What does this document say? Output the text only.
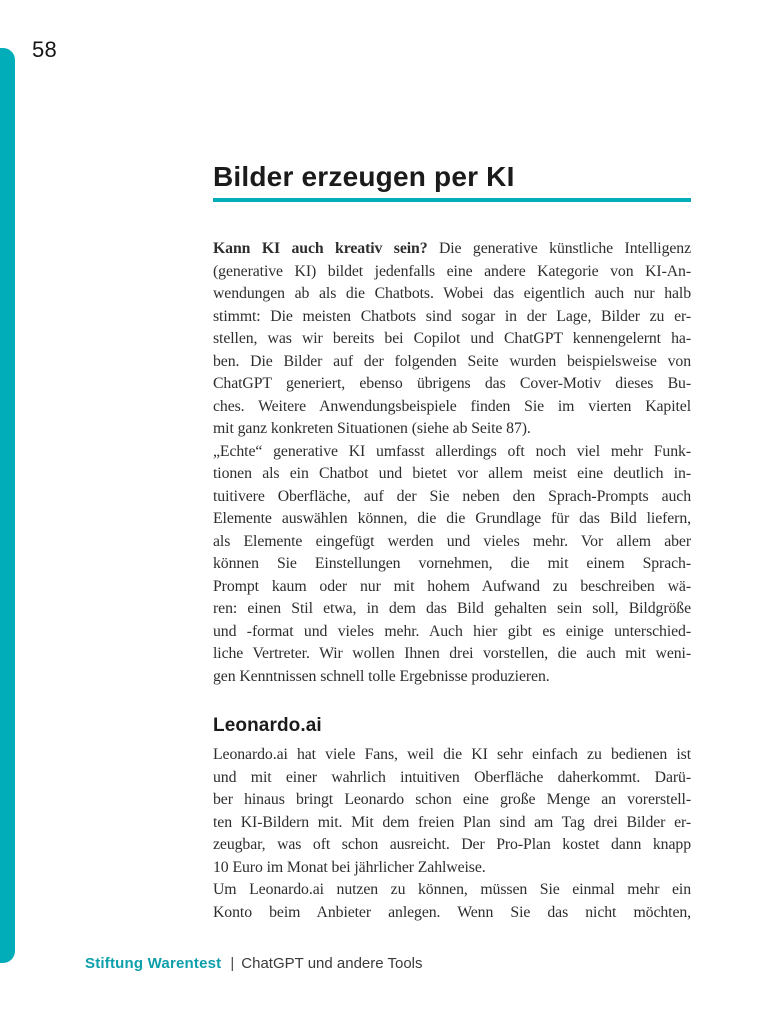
58
Bilder erzeugen per KI
Kann KI auch kreativ sein? Die generative künstliche Intelligenz
(generative KI) bildet jedenfalls eine andere Kategorie von KI-An-
wendungen ab als die Chatbots. Wobei das eigentlich auch nur halb
stimmt: Die meisten Chatbots sind sogar in der Lage, Bilder zu er-
stellen, was wir bereits bei Copilot und ChatGPT kennengelernt ha-
ben. Die Bilder auf der folgenden Seite wurden beispielsweise von
ChatGPT generiert, ebenso übrigens das Cover-Motiv dieses Bu-
ches. Weitere Anwendungsbeispiele finden Sie im vierten Kapitel
mit ganz konkreten Situationen (siehe ab Seite 87).
„Echte“ generative KI umfasst allerdings oft noch viel mehr Funk-
tionen als ein Chatbot und bietet vor allem meist eine deutlich in-
tuitivere Oberfläche, auf der Sie neben den Sprach-Prompts auch
Elemente auswählen können, die die Grundlage für das Bild liefern,
als Elemente eingefügt werden und vieles mehr. Vor allem aber
können Sie Einstellungen vornehmen, die mit einem Sprach-
Prompt kaum oder nur mit hohem Aufwand zu beschreiben wä-
ren: einen Stil etwa, in dem das Bild gehalten sein soll, Bildgröße
und -format und vieles mehr. Auch hier gibt es einige unterschied-
liche Vertreter. Wir wollen Ihnen drei vorstellen, die auch mit weni-
gen Kenntnissen schnell tolle Ergebnisse produzieren.
Leonardo.ai
Leonardo.ai hat viele Fans, weil die KI sehr einfach zu bedienen ist
und mit einer wahrlich intuitiven Oberfläche daherkommt. Darü-
ber hinaus bringt Leonardo schon eine große Menge an vorerstell-
ten KI-Bildern mit. Mit dem freien Plan sind am Tag drei Bilder er-
zeugbar, was oft schon ausreicht. Der Pro-Plan kostet dann knapp
10 Euro im Monat bei jährlicher Zahlweise.
Um Leonardo.ai nutzen zu können, müssen Sie einmal mehr ein
Konto beim Anbieter anlegen. Wenn Sie das nicht möchten,
Stiftung Warentest | ChatGPT und andere Tools
